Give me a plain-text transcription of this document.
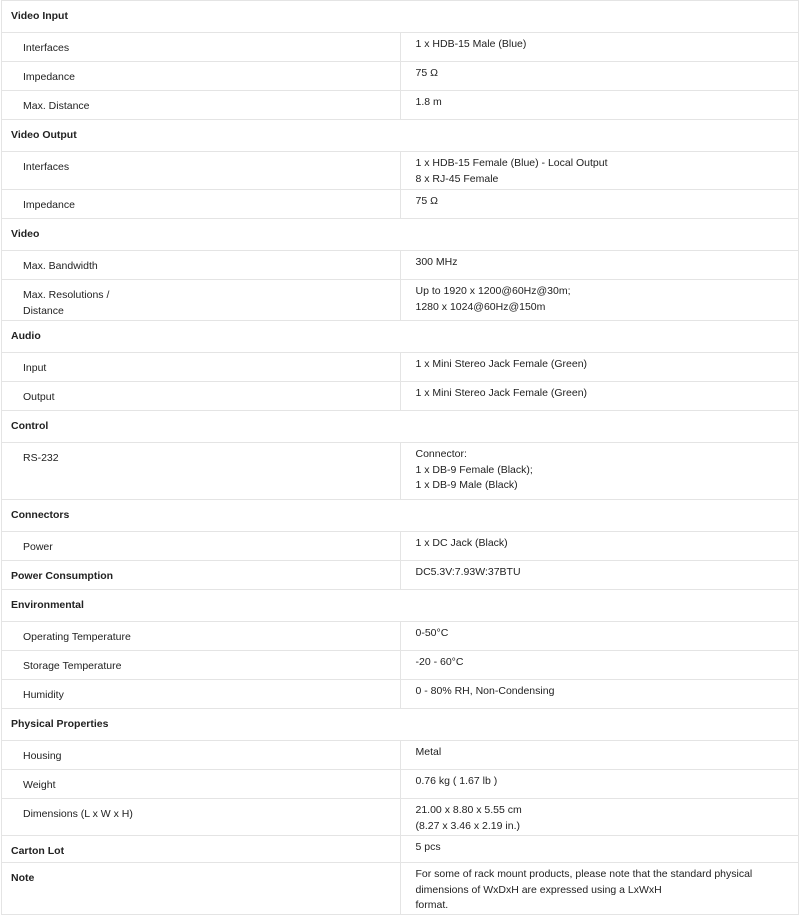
Video Input	
Interfaces	1 x HDB-15 Male (Blue)
Impedance	75 Ω
Max. Distance	1.8 m
Video Output	
Interfaces	1 x HDB-15 Female (Blue) - Local Output
8 x RJ-45 Female

Impedance	75 Ω
Video	
Max. Bandwidth	300 MHz

Max. Resolutions /
Distance	Up to 1920 x 1200@60Hz@30m;
1280 x 1024@60Hz@150m

Audio	
Input	1 x Mini Stereo Jack Female (Green)
Output	1 x Mini Stereo Jack Female (Green)
Control	
RS-232	Connector:
1 x DB-9 Female (Black);
1 x DB-9 Male (Black)

Connectors	
Power	1 x DC Jack (Black)
Power Consumption	DC5.3V:7.93W:37BTU
Environmental	
Operating Temperature	0-50°C
Storage Temperature	-20 - 60°C
Humidity	0 - 80% RH, Non-Condensing
Physical Properties	
Housing	Metal
Weight	0.76 kg ( 1.67 lb )
Dimensions (L x W x H)	21.00 x 8.80 x 5.55 cm
(8.27 x 3.46 x 2.19 in.)

Carton Lot	5 pcs
Note	For some of rack mount products, please note that the standard physical dimensions of WxDxH are expressed using a LxWxH
format.
